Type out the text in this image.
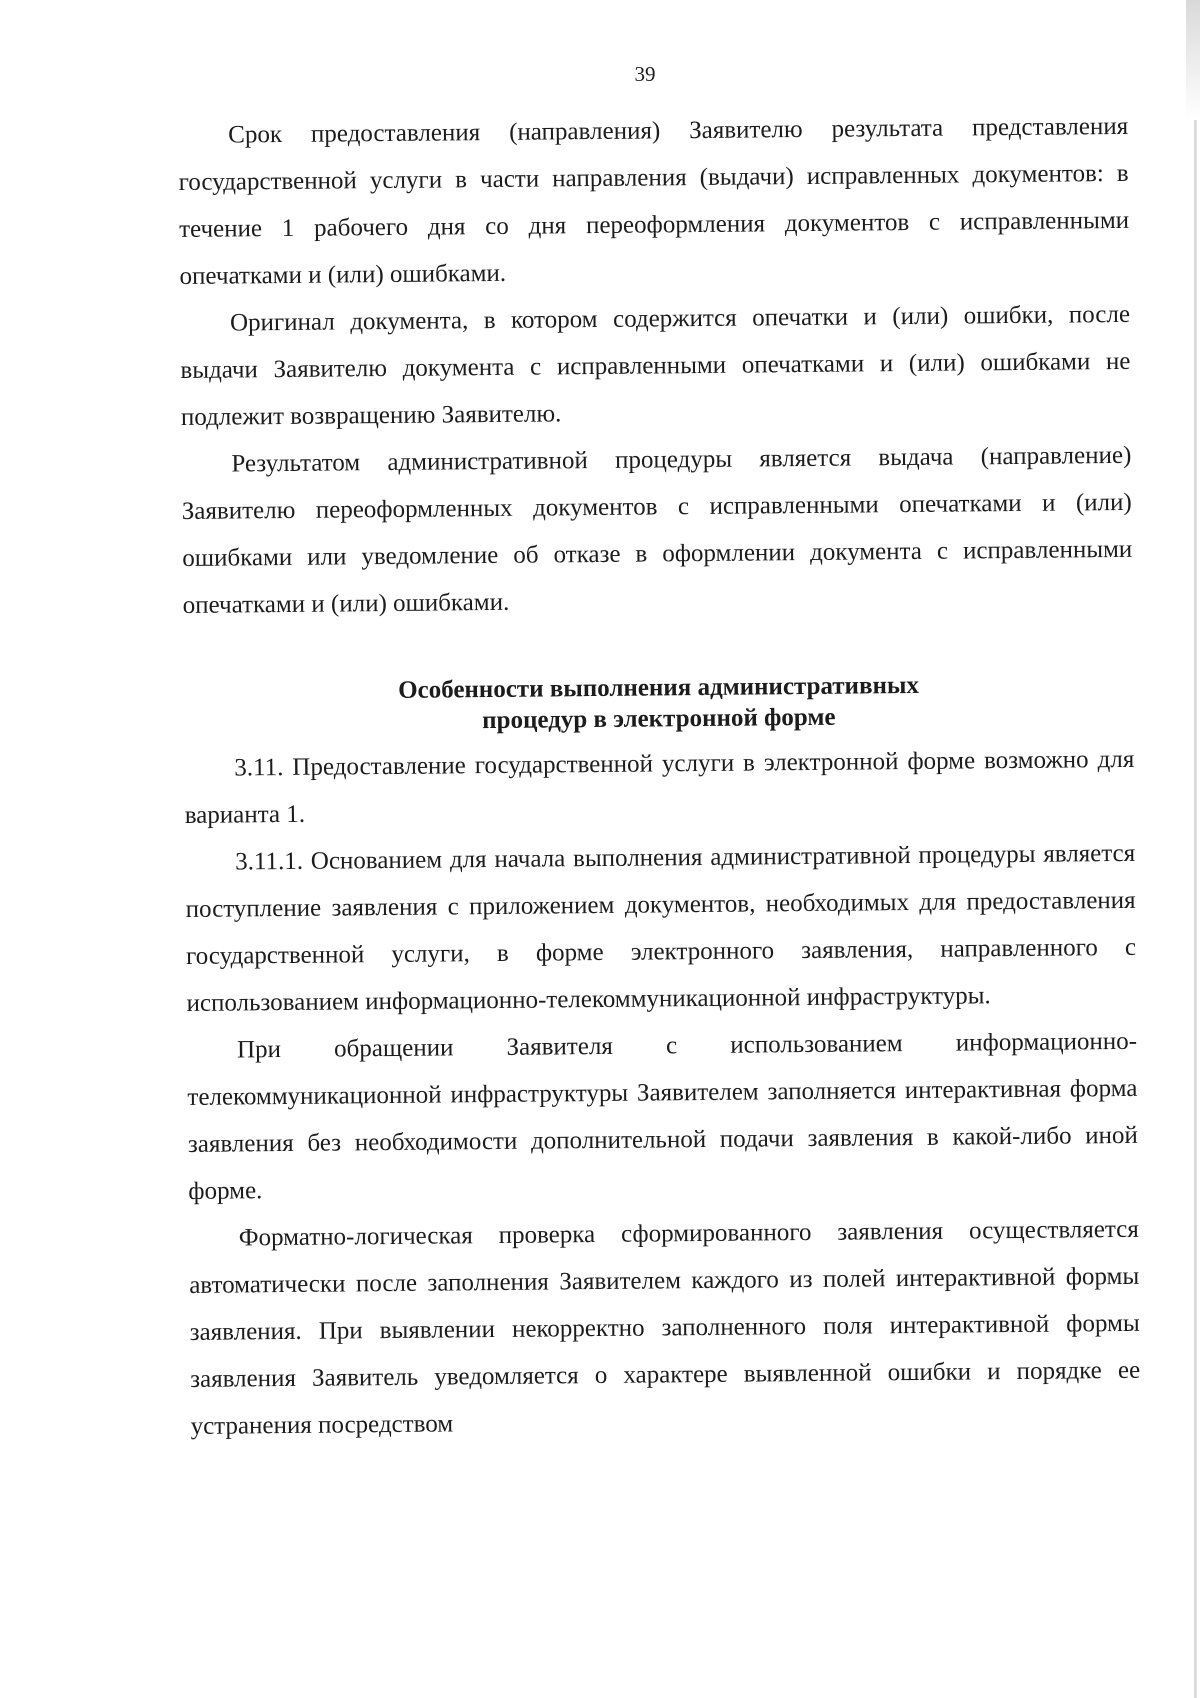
39

Срок предоставления (направления) Заявителю результата представления государственной услуги в части направления (выдачи) исправленных документов: в течение 1 рабочего дня со дня переоформления документов с исправленными опечатками и (или) ошибками.

Оригинал документа, в котором содержится опечатки и (или) ошибки, после выдачи Заявителю документа с исправленными опечатками и (или) ошибками не подлежит возвращению Заявителю.

Результатом административной процедуры является выдача (направление) Заявителю переоформленных документов с исправленными опечатками и (или) ошибками или уведомление об отказе в оформлении документа с исправленными опечатками и (или) ошибками.

Особенности выполнения административных
процедур в электронной форме

3.11. Предоставление государственной услуги в электронной форме возможно для варианта 1.

3.11.1. Основанием для начала выполнения административной процедуры является поступление заявления с приложением документов, необходимых для предоставления государственной услуги, в форме электронного заявления, направленного с использованием информационно-телекоммуникационной инфраструктуры.

При обращении Заявителя с использованием информационно-телекоммуникационной инфраструктуры Заявителем заполняется интерактивная форма заявления без необходимости дополнительной подачи заявления в какой-либо иной форме.

Форматно-логическая проверка сформированного заявления осуществляется автоматически после заполнения Заявителем каждого из полей интерактивной формы заявления. При выявлении некорректно заполненного поля интерактивной формы заявления Заявитель уведомляется о характере выявленной ошибки и порядке ее устранения посредством
